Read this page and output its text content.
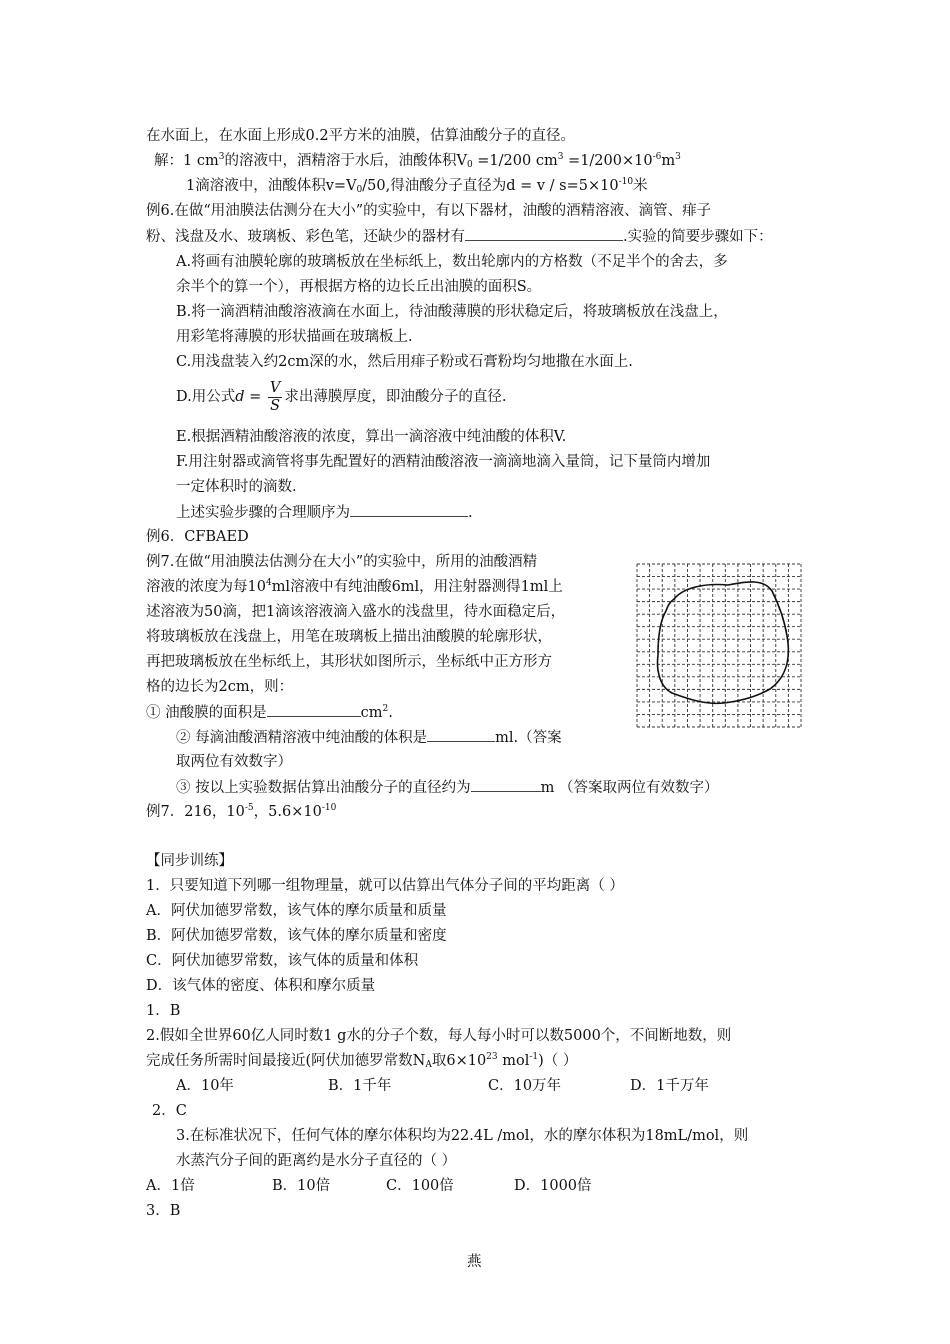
在水面上，在水面上形成0.2平方米的油膜，估算油酸分子的直径。
解：1 $cm^3$的溶液中，酒精溶于水后，油酸体积$V_0 =1/200$ $cm^3 =1/200\times 10^{-6}m^3$
1滴溶液中，油酸体积$v=V_0/50$,得油酸分子直径为$d = v / s=5\times 10^{-10}$米
例6.在做“用油膜法估测分在大小”的实验中，有以下器材，油酸的酒精溶液、滴管、痱子
粉、浅盘及水、玻璃板、彩色笔，还缺少的器材有	.实验的简要步骤如下：
A.将画有油膜轮廓的玻璃板放在坐标纸上，数出轮廓内的方格数（不足半个的舍去，多
余半个的算一个），再根据方格的边长丘出油膜的面积S。
B.将一滴酒精油酸溶液滴在水面上，待油酸薄膜的形状稳定后，将玻璃板放在浅盘上，
用彩笔将薄膜的形状描画在玻璃板上.
C.用浅盘装入约2cm深的水，然后用痱子粉或石膏粉均匀地撒在水面上.
D.用公式$d = \frac{V}{S}$ 求出薄膜厚度，即油酸分子的直径.
E.根据酒精油酸溶液的浓度，算出一滴溶液中纯油酸的体积V.
F.用注射器或滴管将事先配置好的酒精油酸溶液一滴滴地滴入量筒，记下量筒内增加
一定体积时的滴数.
上述实验步骤的合理顺序为	.
例6．CFBAED
例7.在做“用油膜法估测分在大小”的实验中，所用的油酸酒精
溶液的浓度为每$10^4ml$溶液中有纯油酸6ml，用注射器测得1ml上
述溶液为50滴，把1滴该溶液滴入盛水的浅盘里，待水面稳定后，
将玻璃板放在浅盘上，用笔在玻璃板上描出油酸膜的轮廓形状，
再把玻璃板放在坐标纸上，其形状如图所示，坐标纸中正方形方
格的边长为2cm，则：
① 油酸膜的面积是	$cm^2$.
② 每滴油酸酒精溶液中纯油酸的体积是	ml.（答案
取两位有效数字）
③ 按以上实验数据估算出油酸分子的直径约为	m （答案取两位有效数字）
例7．216，$10^{-5}$，$5.6\times 10^{-10}$
【同步训练】
1．只要知道下列哪一组物理量，就可以估算出气体分子间的平均距离（ ）
A．阿伏加德罗常数，该气体的摩尔质量和质量
B．阿伏加德罗常数，该气体的摩尔质量和密度
C．阿伏加德罗常数，该气体的质量和体积
D．该气体的密度、体积和摩尔质量
1．B
2.假如全世界60亿人同时数1 g水的分子个数，每人每小时可以数5000个，不间断地数，则
完成任务所需时间最接近(阿伏加德罗常数$N_A$取$6\times 10^{23}$ mol$^{-1}$)（ ）
A．10年	B．1千年	C．10万年	D．1千万年
2．C
3.在标准状况下，任何气体的摩尔体积均为22.4L /mol，水的摩尔体积为18mL/mol，则
水蒸汽分子间的距离约是水分子直径的（ ）
A．1倍	B．10倍	C．100倍	D．1000倍
3．B
燕
